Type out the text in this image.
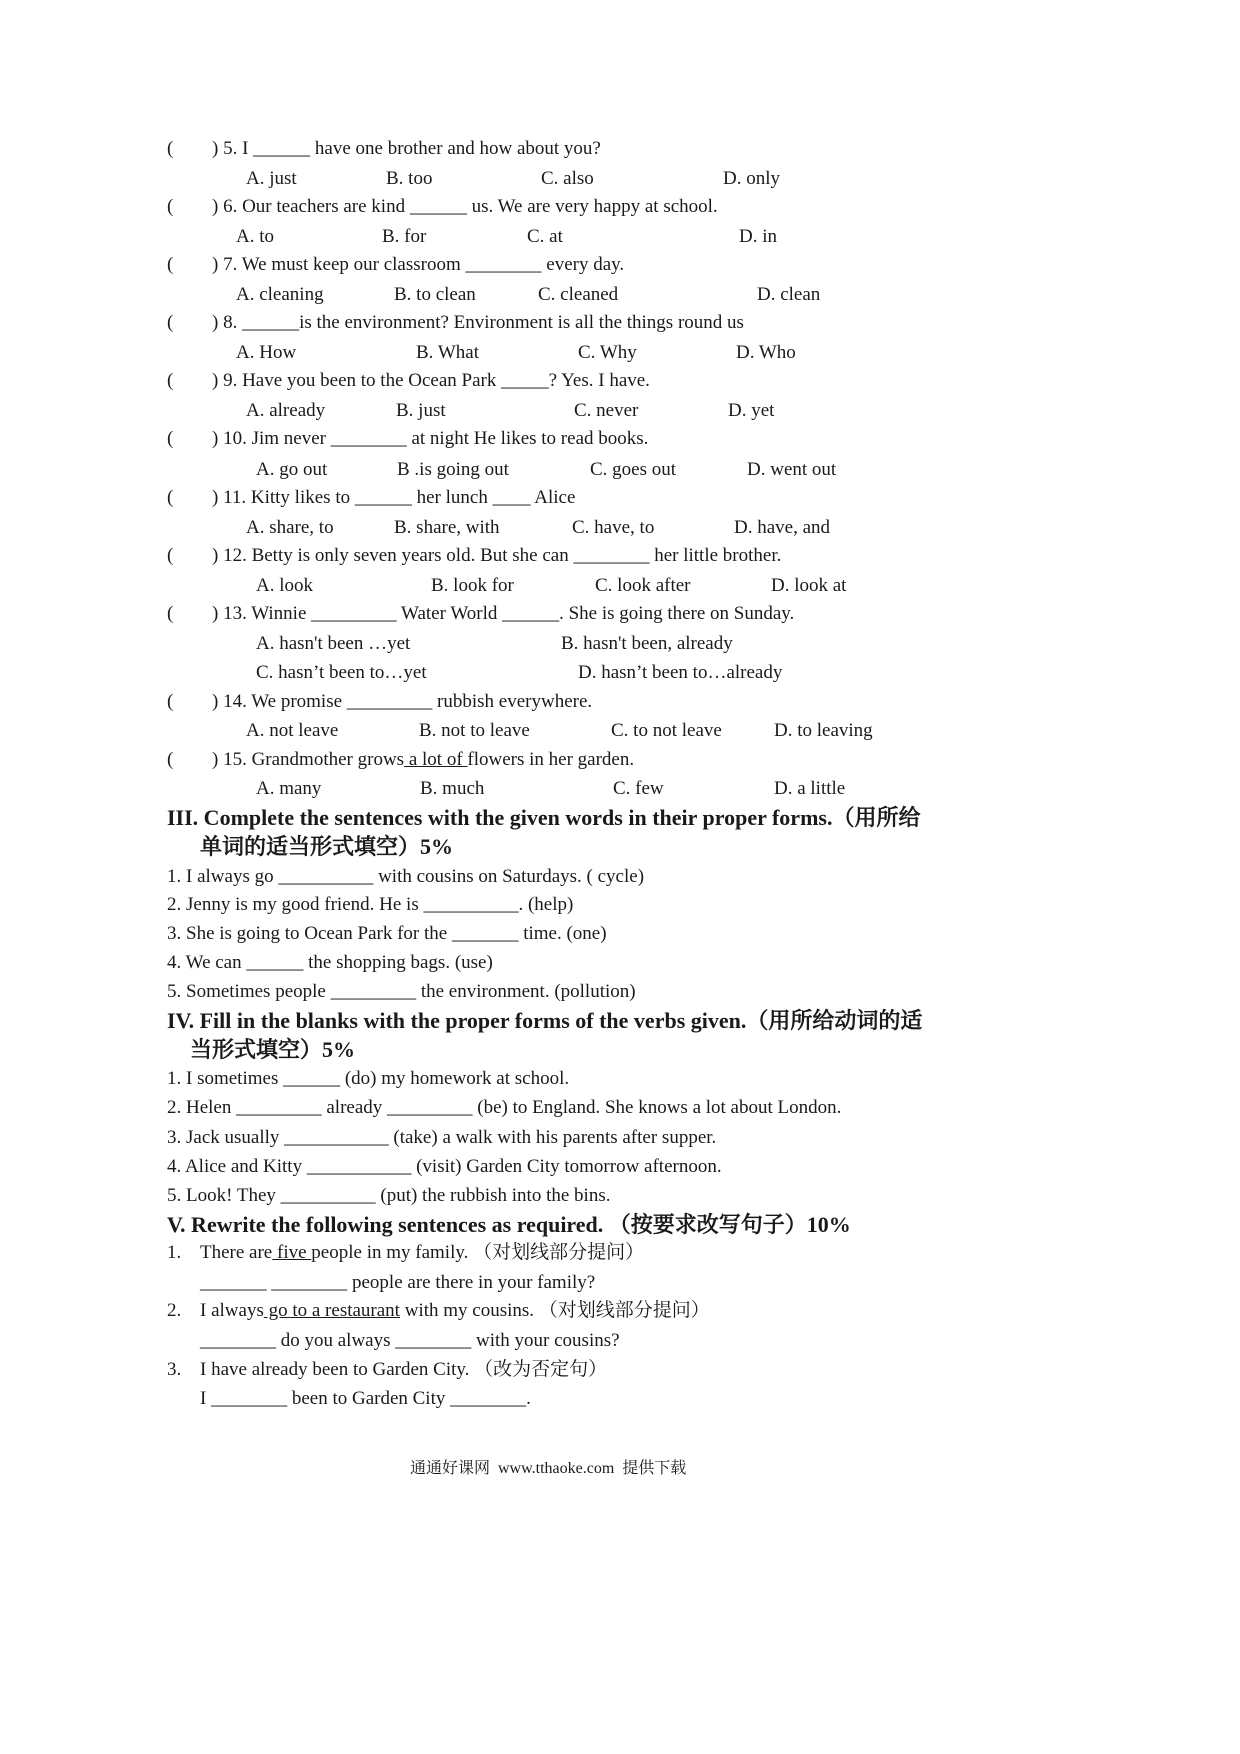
( ) 5. I ______ have one brother and how about you?
A. just	B. too	C. also	D. only
( ) 6. Our teachers are kind ______ us. We are very happy at school.
A. to	B. for	C. at	D. in
( ) 7. We must keep our classroom ________ every day.
A. cleaning	B. to clean	C. cleaned	D. clean
( ) 8. ______is the environment? Environment is all the things round us
A. How	B. What	C. Why	D. Who
( ) 9. Have you been to the Ocean Park _____? Yes. I have.
A. already	B. just	C. never	D. yet
( ) 10. Jim never ________ at night He likes to read books.
A. go out	B .is going out	C. goes out	D. went out
( ) 11. Kitty likes to ______ her lunch ____ Alice
A. share, to	B. share, with	C. have, to	D. have, and
( ) 12. Betty is only seven years old. But she can ________ her little brother.
A. look	B. look for	C. look after	D. look at
( ) 13. Winnie _________ Water World ______. She is going there on Sunday.
A. hasn't been …yet	B. hasn't been, already
C. hasn’t been to…yet	D. hasn’t been to…already
( ) 14. We promise _________ rubbish everywhere.
A. not leave	B. not to leave	C. to not leave	D. to leaving
( ) 15. Grandmother grows a lot of flowers in her garden.
A. many	B. much	C. few	D. a little
III. Complete the sentences with the given words in their proper forms.（用所给
单词的适当形式填空）5%
1. I always go __________ with cousins on Saturdays. ( cycle)
2. Jenny is my good friend. He is __________. (help)
3. She is going to Ocean Park for the _______ time. (one)
4. We can ______ the shopping bags. (use)
5. Sometimes people _________ the environment. (pollution)
IV. Fill in the blanks with the proper forms of the verbs given.（用所给动词的适
当形式填空）5%
1. I sometimes ______ (do) my homework at school.
2. Helen _________ already _________ (be) to England. She knows a lot about London.
3. Jack usually ___________ (take) a walk with his parents after supper.
4. Alice and Kitty ___________ (visit) Garden City tomorrow afternoon.
5. Look! They __________ (put) the rubbish into the bins.
V. Rewrite the following sentences as required. （按要求改写句子）10%
1. There are five people in my family. （对划线部分提问）
_______ ________ people are there in your family?
2. I always go to a restaurant with my cousins. （对划线部分提问）
________ do you always ________ with your cousins?
3. I have already been to Garden City. （改为否定句）
I ________ been to Garden City ________.
通通好课网  www.tthaoke.com  提供下载
